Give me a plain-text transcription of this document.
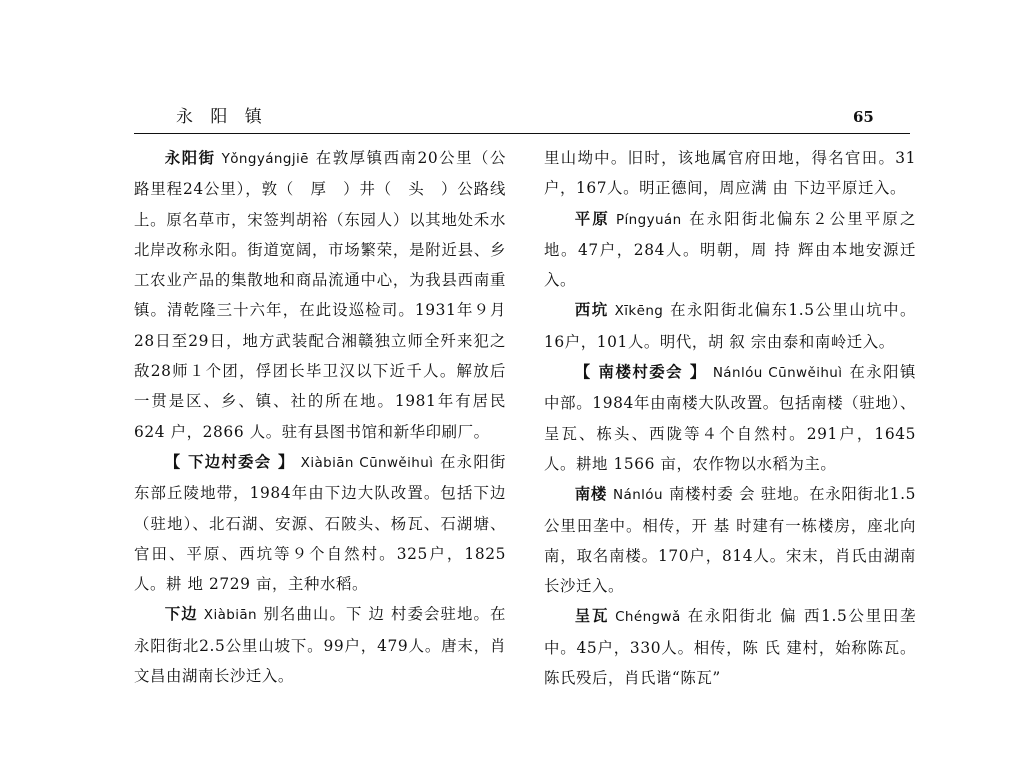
永 阳 镇	65

永阳街 Yǒngyángjiē 在敦厚镇西南20公里（公路里程24公里），敦（　厚　）井（　头　）公路线上。原名草市，宋签判胡裕（东园人）以其地处禾水北岸改称永阳。街道宽阔，市场繁荣，是附近县、乡工农业产品的集散地和商品流通中心，为我县西南重镇。清乾隆三十六年，在此设巡检司。1931年９月28日至29日，地方武装配合湘赣独立师全歼来犯之敌28师１个团，俘团长毕卫汉以下近千人。解放后一贯是区、乡、镇、社的所在地。1981年有居民624 户，2866 人。驻有县图书馆和新华印刷厂。

【 下边村委会 】 Xiàbiān Cūnwěihuì 在永阳街东部丘陵地带，1984年由下边大队改置。包括下边（驻地）、北石湖、安源、石陂头、杨瓦、石湖塘、官田、平原、西坑等９个自然村。325户，1825人。耕 地 2729 亩，主种水稻。

下边 Xiàbiān 别名曲山。下 边 村委会驻地。在永阳街北2.5公里山坡下。99户，479人。唐末，肖文昌由湖南长沙迁入。

里山坳中。旧时，该地属官府田地，得名官田。31户，167人。明正德间，周应满 由 下边平原迁入。

平原 Píngyuán 在永阳街北偏东２公里平原之地。47户，284人。明朝，周 持 辉由本地安源迁入。

西坑 Xīkēng 在永阳街北偏东1.5公里山坑中。16户，101人。明代，胡 叙 宗由泰和南岭迁入。

【 南楼村委会 】 Nánlóu Cūnwěihuì 在永阳镇中部。1984年由南楼大队改置。包括南楼（驻地）、呈瓦、栋头、西陇等４个自然村。291户，1645人。耕地 1566 亩，农作物以水稻为主。

南楼 Nánlóu 南楼村委 会 驻地。在永阳街北1.5公里田垄中。相传，开 基 时建有一栋楼房，座北向南，取名南楼。170户，814人。宋末，肖氏由湖南长沙迁入。

呈瓦 Chéngwǎ 在永阳街北 偏 西1.5公里田垄中。45户，330人。相传，陈 氏 建村，始称陈瓦。陈氏殁后，肖氏谐“陈瓦”
